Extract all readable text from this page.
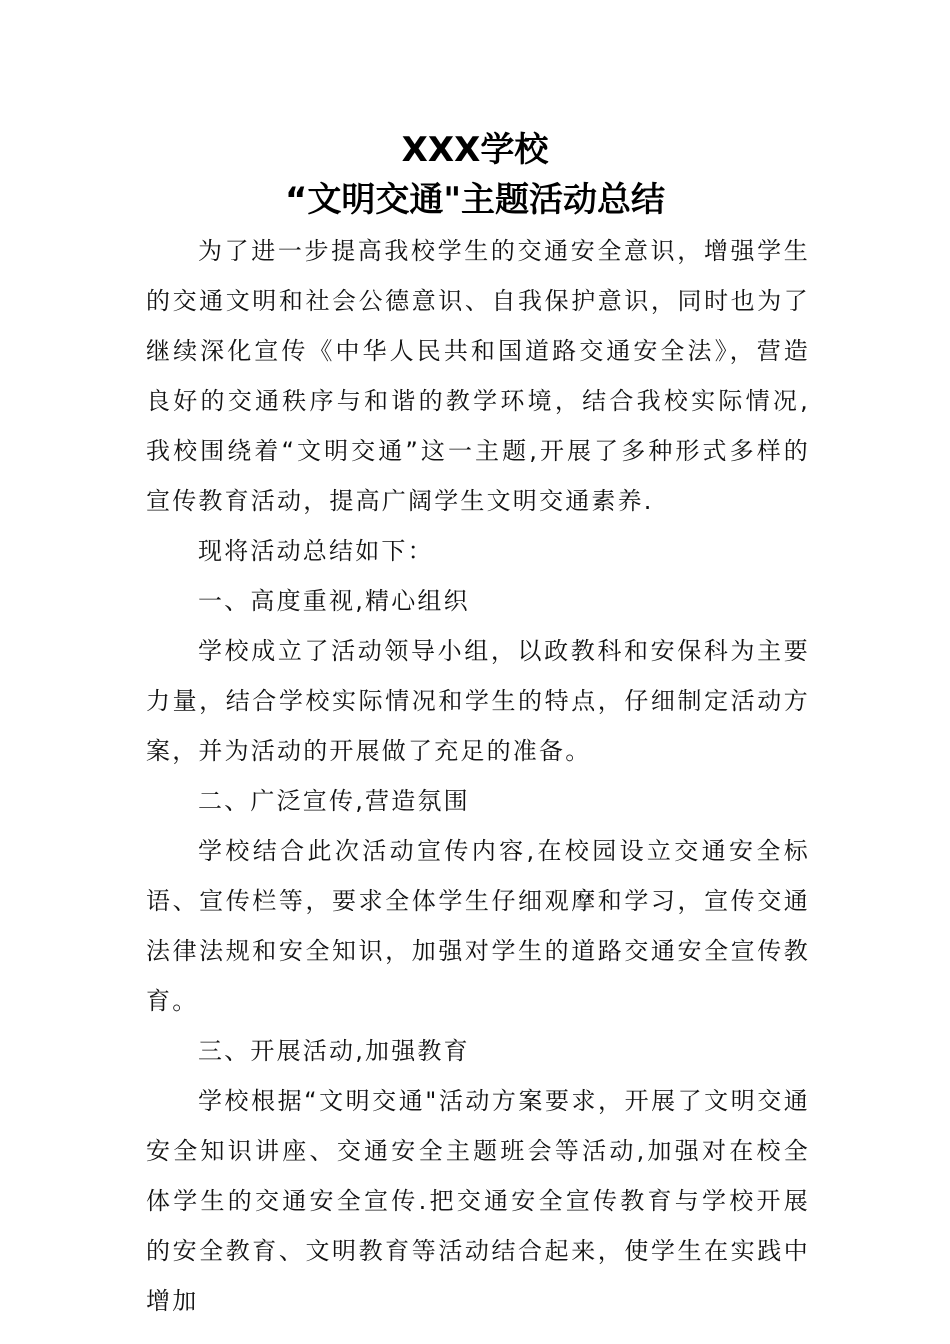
XXX学校
“文明交通"主题活动总结

为了进一步提高我校学生的交通安全意识，增强学生的交通文明和社会公德意识、自我保护意识，同时也为了继续深化宣传《中华人民共和国道路交通安全法》，营造良好的交通秩序与和谐的教学环境，结合我校实际情况,我校围绕着“文明交通”这一主题,开展了多种形式多样的宣传教育活动，提高广阔学生文明交通素养.

现将活动总结如下：

一、高度重视,精心组织

学校成立了活动领导小组，以政教科和安保科为主要力量，结合学校实际情况和学生的特点，仔细制定活动方案，并为活动的开展做了充足的准备。

二、广泛宣传,营造氛围

学校结合此次活动宣传内容,在校园设立交通安全标语、宣传栏等，要求全体学生仔细观摩和学习，宣传交通法律法规和安全知识，加强对学生的道路交通安全宣传教育。

三、开展活动,加强教育

学校根据“文明交通"活动方案要求，开展了文明交通安全知识讲座、交通安全主题班会等活动,加强对在校全体学生的交通安全宣传.把交通安全宣传教育与学校开展的安全教育、文明教育等活动结合起来，使学生在实践中增加
